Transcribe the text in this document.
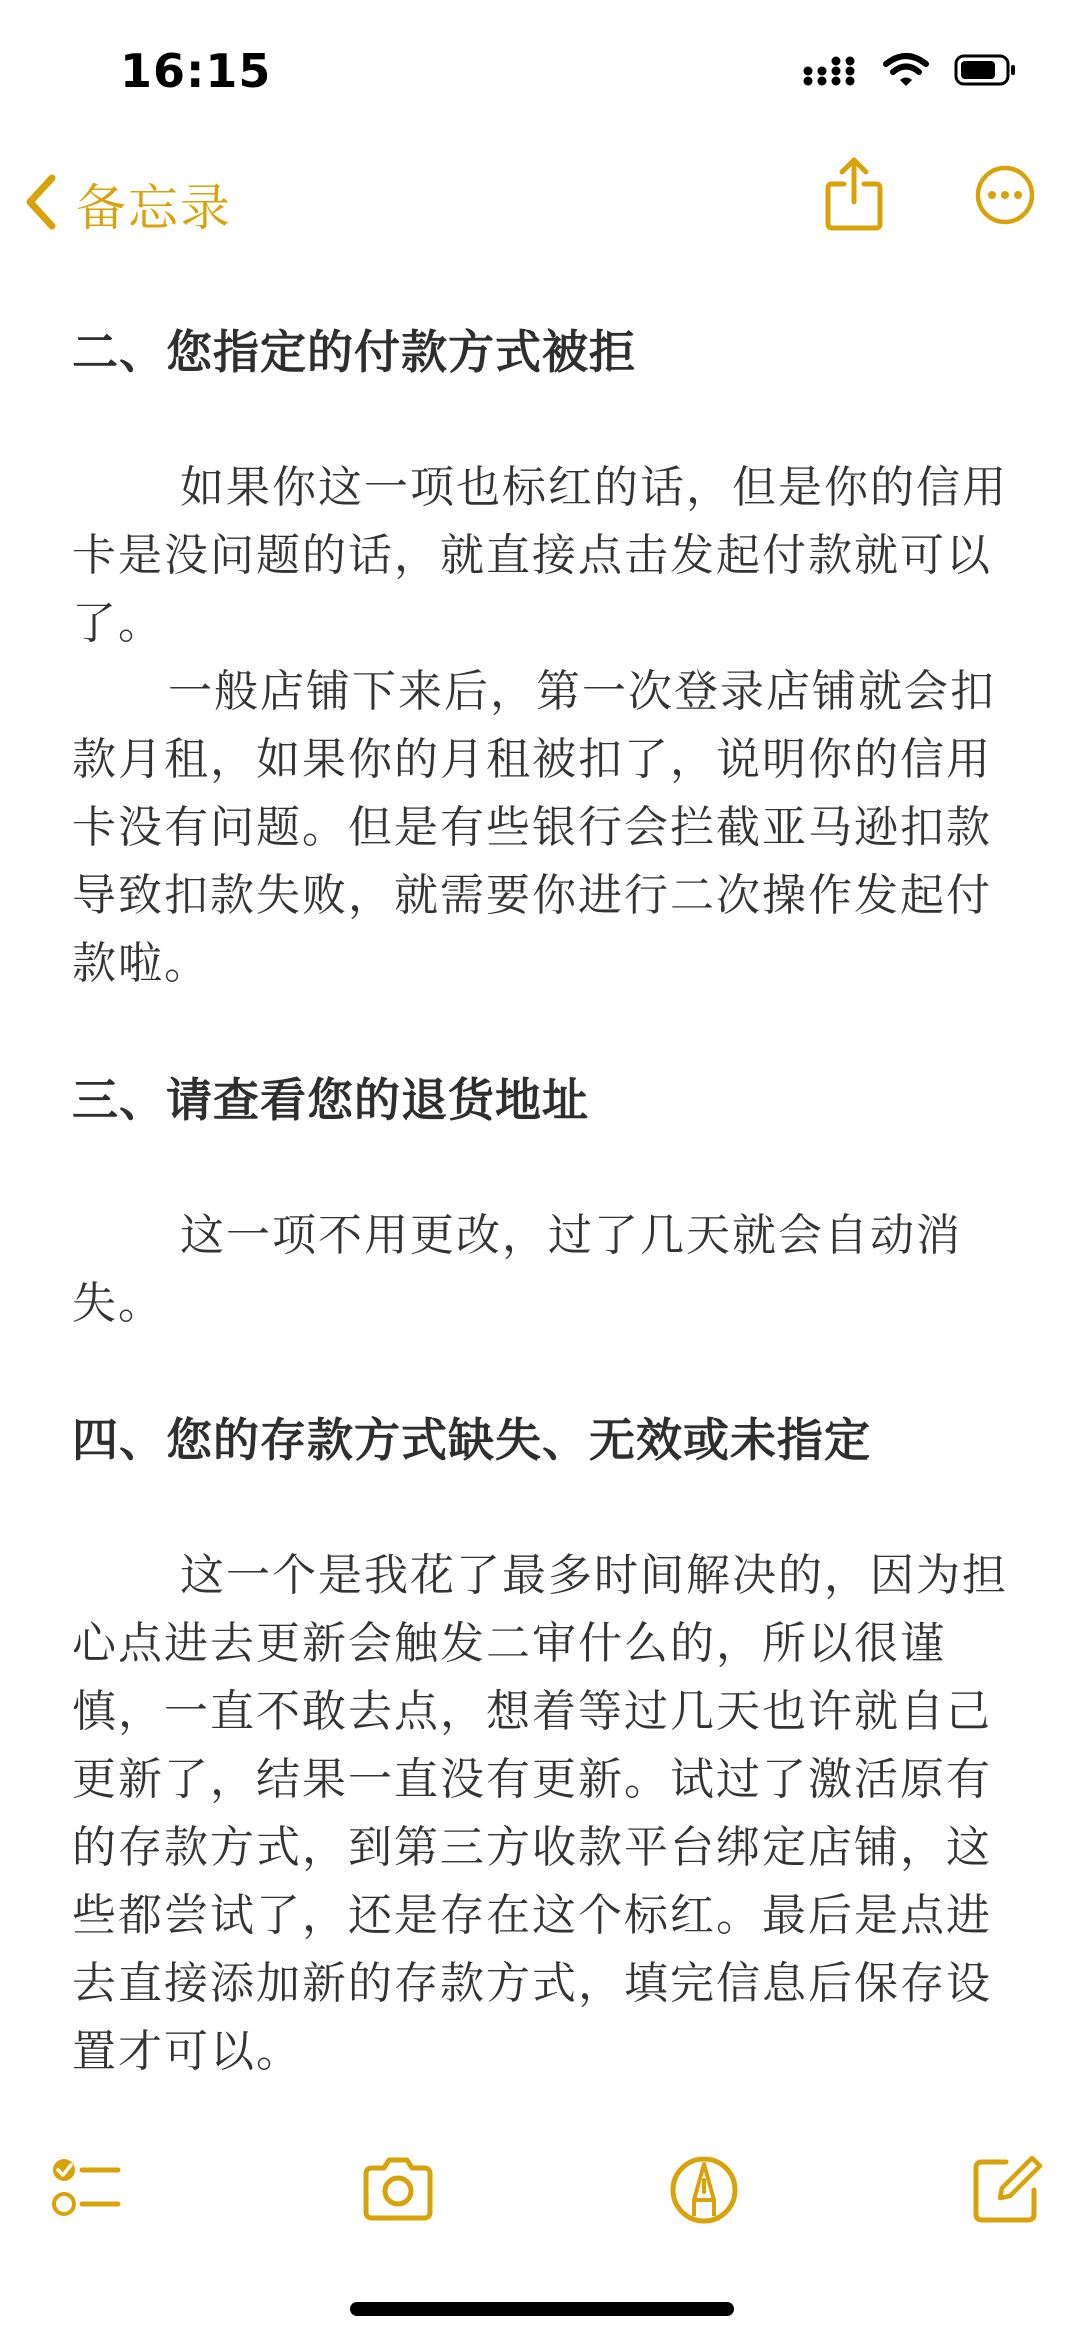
16:15
备忘录
二、您指定的付款方式被拒

如果你这一项也标红的话，但是你的信用卡是没问题的话，就直接点击发起付款就可以了。

一般店铺下来后，第一次登录店铺就会扣款月租，如果你的月租被扣了，说明你的信用卡没有问题。但是有些银行会拦截亚马逊扣款导致扣款失败，就需要你进行二次操作发起付款啦。

三、请查看您的退货地址

这一项不用更改，过了几天就会自动消失。

四、您的存款方式缺失、无效或未指定

这一个是我花了最多时间解决的，因为担心点进去更新会触发二审什么的，所以很谨慎，一直不敢去点，想着等过几天也许就自己更新了，结果一直没有更新。试过了激活原有的存款方式，到第三方收款平台绑定店铺，这些都尝试了，还是存在这个标红。最后是点进去直接添加新的存款方式，填完信息后保存设置才可以。
